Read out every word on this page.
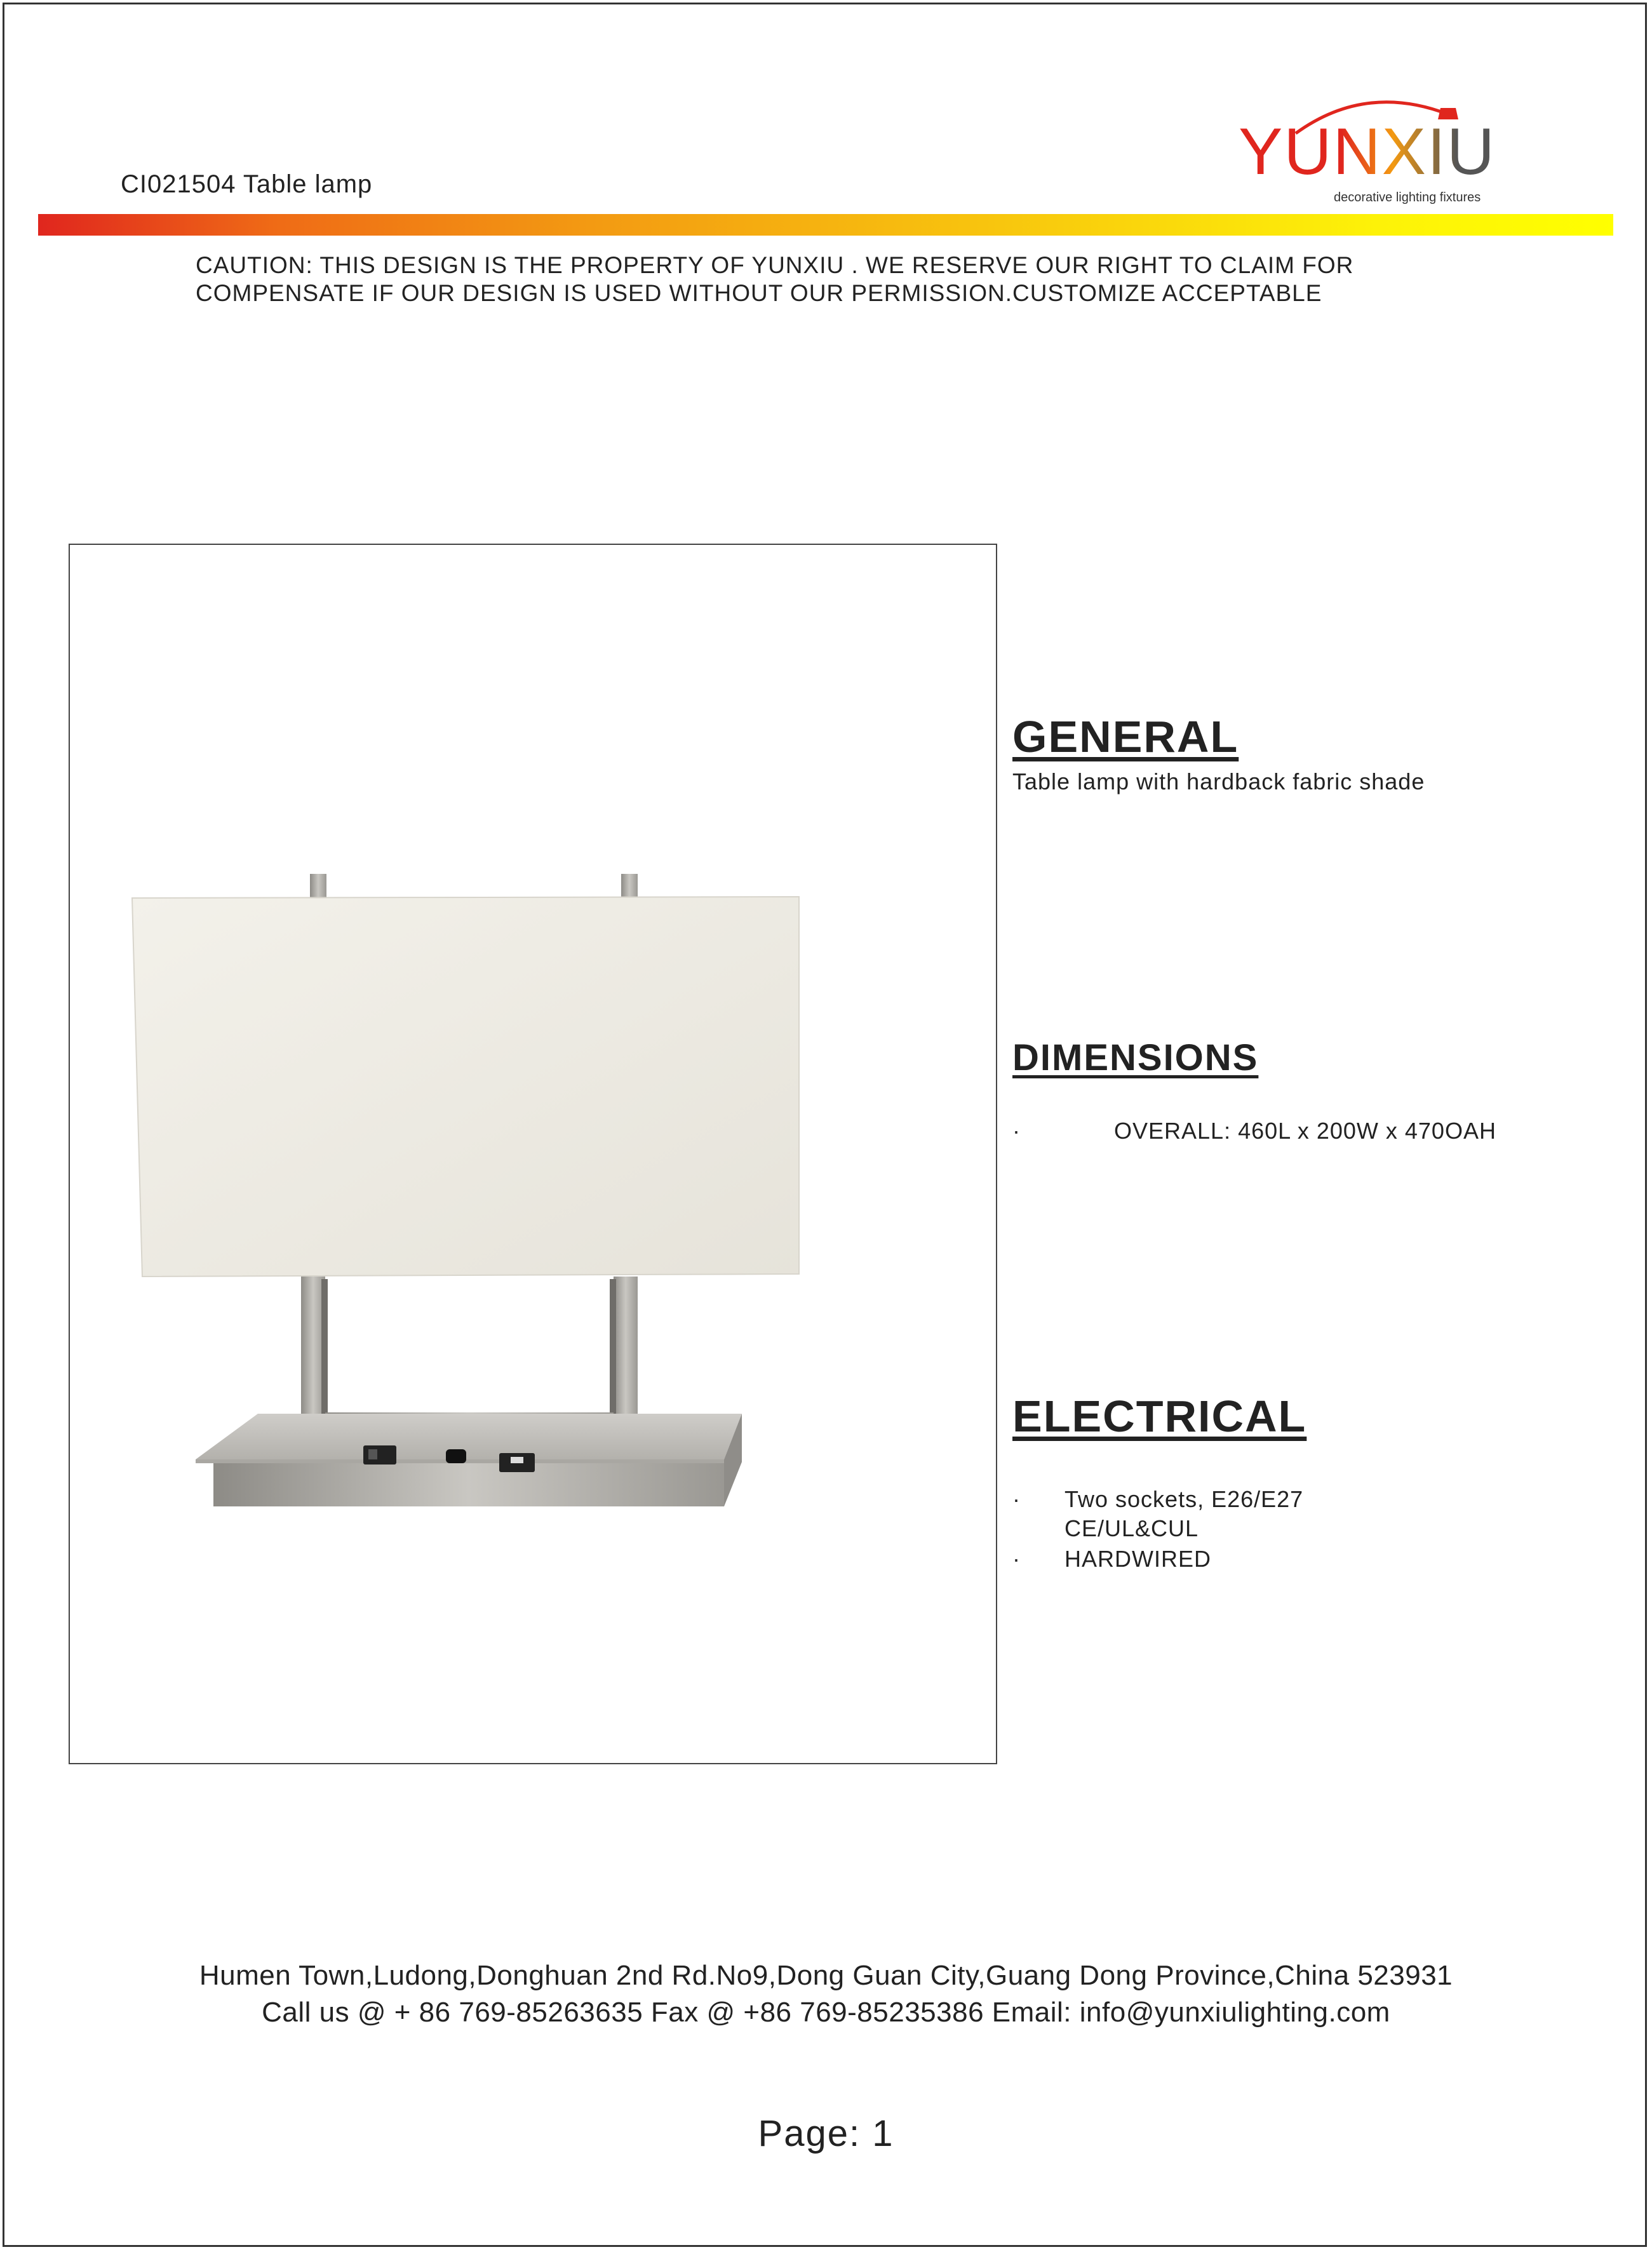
CI021504 Table lamp	YUNXIU
decorative lighting fixtures
CAUTION: THIS DESIGN IS THE PROPERTY OF YUNXIU . WE RESERVE OUR RIGHT TO CLAIM FOR
COMPENSATE IF OUR DESIGN IS USED WITHOUT OUR PERMISSION.CUSTOMIZE ACCEPTABLE
GENERAL
Table lamp with hardback fabric shade
DIMENSIONS
·	OVERALL: 460L x 200W x 470OAH
ELECTRICAL
· Two sockets, E26/E27
CE/UL&CUL
· HARDWIRED
Humen Town,Ludong,Donghuan 2nd Rd.No9,Dong Guan City,Guang Dong Province,China 523931
Call us @ + 86 769-85263635 Fax @ +86 769-85235386 Email: info@yunxiulighting.com
Page: 1
